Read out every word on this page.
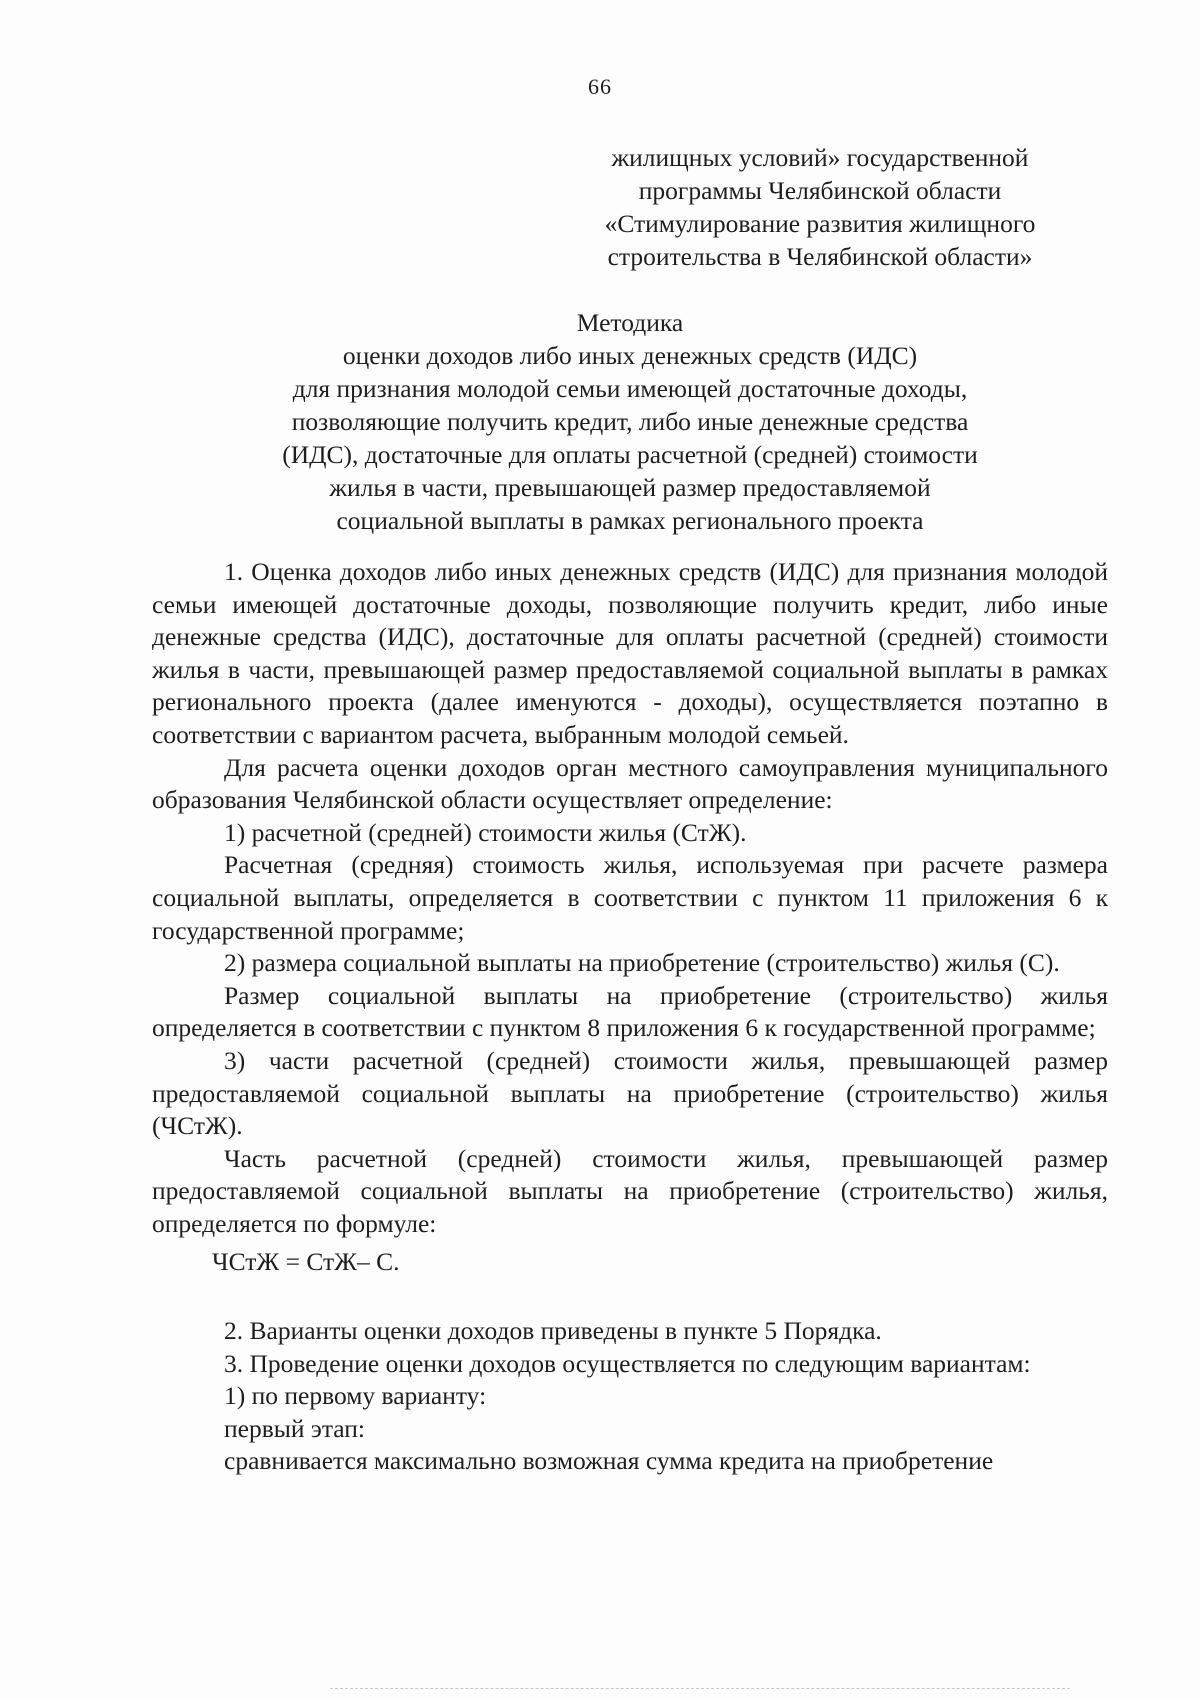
66
жилищных условий» государственной
программы Челябинской области
«Стимулирование развития жилищного
строительства в Челябинской области»
Методика
оценки доходов либо иных денежных средств (ИДС)
для признания молодой семьи имеющей достаточные доходы,
позволяющие получить кредит, либо иные денежные средства
(ИДС), достаточные для оплаты расчетной (средней) стоимости
жилья в части, превышающей размер предоставляемой
социальной выплаты в рамках регионального проекта

1. Оценка доходов либо иных денежных средств (ИДС) для признания молодой семьи имеющей достаточные доходы, позволяющие получить кредит, либо иные денежные средства (ИДС), достаточные для оплаты расчетной (средней) стоимости жилья в части, превышающей размер предоставляемой социальной выплаты в рамках регионального проекта (далее именуются - доходы), осуществляется поэтапно в соответствии с вариантом расчета, выбранным молодой семьей.

Для расчета оценки доходов орган местного самоуправления муниципального образования Челябинской области осуществляет определение:

1) расчетной (средней) стоимости жилья (СтЖ).

Расчетная (средняя) стоимость жилья, используемая при расчете размера социальной выплаты, определяется в соответствии с пунктом 11 приложения 6 к государственной программе;

2) размера социальной выплаты на приобретение (строительство) жилья (С).

Размер социальной выплаты на приобретение (строительство) жилья определяется в соответствии с пунктом 8 приложения 6 к государственной программе;

3) части расчетной (средней) стоимости жилья, превышающей размер предоставляемой социальной выплаты на приобретение (строительство) жилья (ЧСтЖ).

Часть расчетной (средней) стоимости жилья, превышающей размер предоставляемой социальной выплаты на приобретение (строительство) жилья, определяется по формуле:

ЧСтЖ = СтЖ– С.

2. Варианты оценки доходов приведены в пункте 5 Порядка.

3. Проведение оценки доходов осуществляется по следующим вариантам:

1) по первому варианту:

первый этап:

сравнивается максимально возможная сумма кредита на приобретение
